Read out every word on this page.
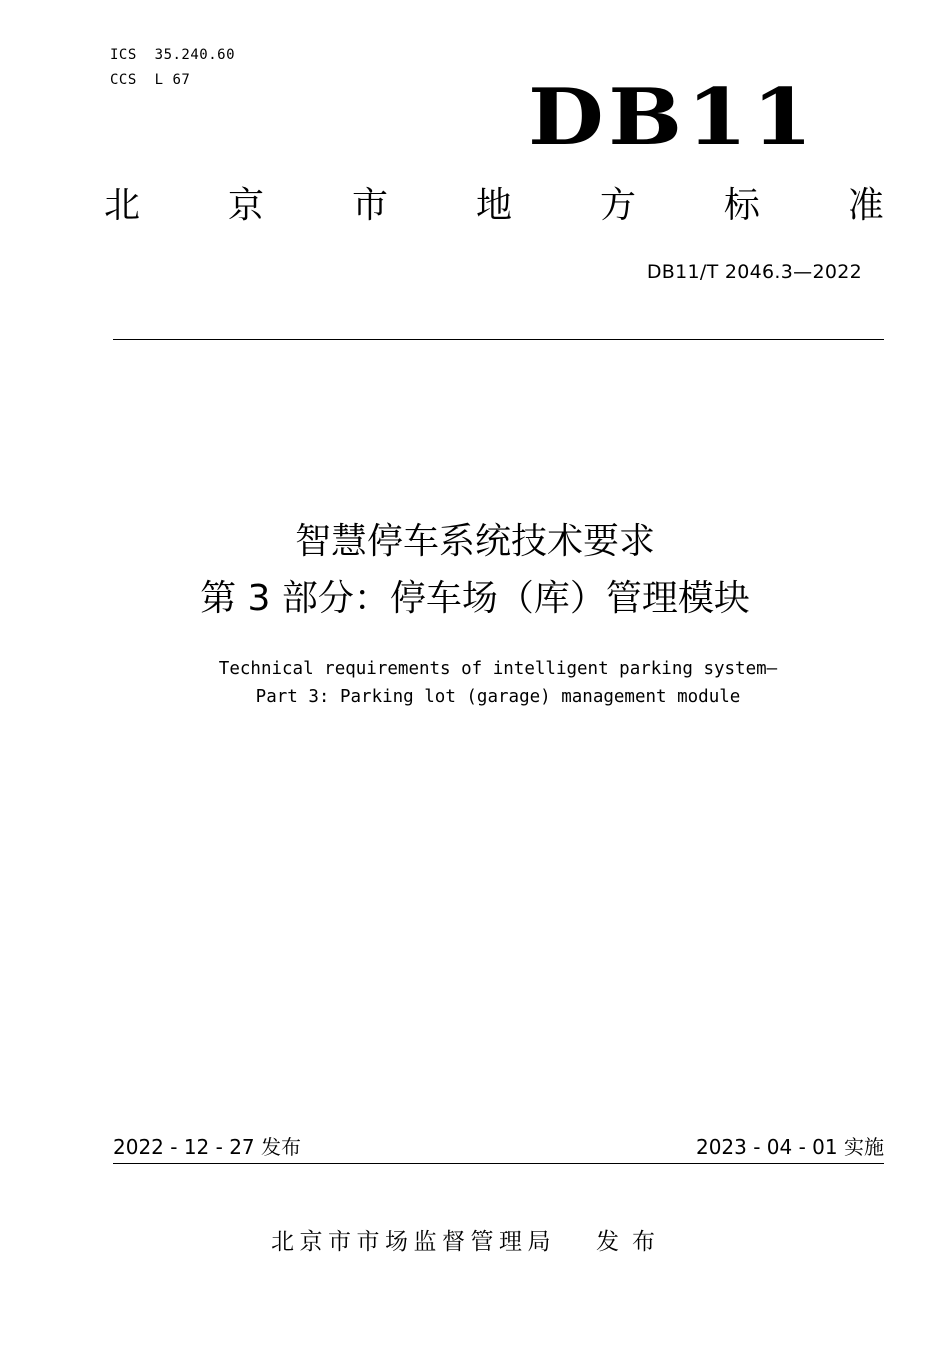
ICS  35.240.60
CCS  L 67	DB11
北 京 市 地 方 标 准
DB11/T 2046.3—2022
智慧停车系统技术要求
第 3 部分：停车场（库）管理模块
Technical requirements of intelligent parking system—
Part 3: Parking lot (garage) management module
2022 - 12 - 27 发布	2023 - 04 - 01 实施
北京市市场监督管理局 发布
